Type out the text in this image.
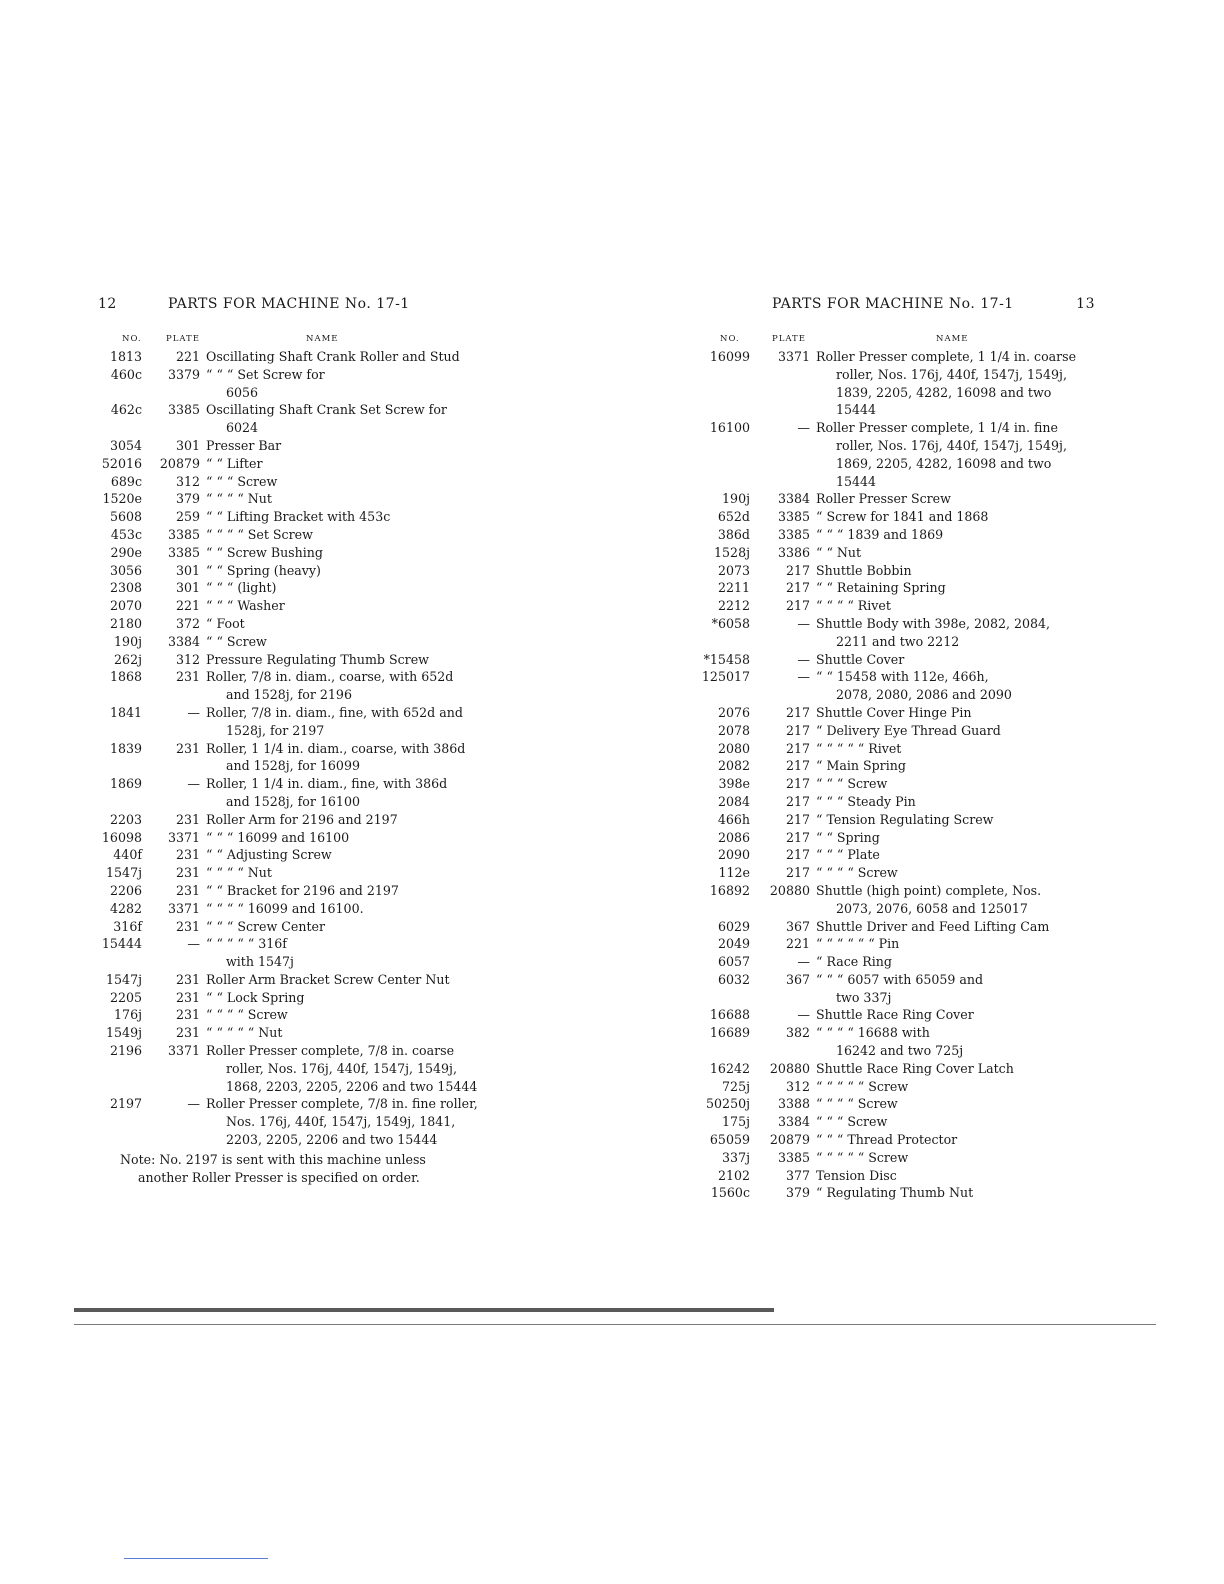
12	PARTS FOR MACHINE No. 17-1
NO.	PLATE	NAME
1813	221 Oscillating Shaft Crank Roller and Stud
460c	3379 “ “ “ Set Screw for
6056
462c	3385 Oscillating Shaft Crank Set Screw for
6024
3054	301 Presser Bar
52016	20879 “ “ Lifter
689c	312 “ “ “ Screw
1520e	379 “ “ “ “ Nut
5608	259 “ “ Lifting Bracket with 453c
453c	3385 “ “ “ “ Set Screw
290e	3385 “ “ Screw Bushing
3056	301 “ “ Spring (heavy)
2308	301 “ “ “ (light)
2070	221 “ “ “ Washer
2180	372 “ Foot
190j	3384 “ “ Screw
262j	312 Pressure Regulating Thumb Screw
1868	231 Roller, 7/8 in. diam., coarse, with 652d
and 1528j, for 2196
1841	— Roller, 7/8 in. diam., fine, with 652d and
1528j, for 2197
1839	231 Roller, 1 1/4 in. diam., coarse, with 386d
and 1528j, for 16099
1869	— Roller, 1 1/4 in. diam., fine, with 386d
and 1528j, for 16100
2203	231 Roller Arm for 2196 and 2197
16098	3371 “ “ “ 16099 and 16100
440f	231 “ “ Adjusting Screw
1547j	231 “ “ “ “ Nut
2206	231 “ “ Bracket for 2196 and 2197
4282	3371 “ “ “ “ 16099 and 16100.
316f	231 “ “ “ Screw Center
15444	— “ “ “ “ “ 316f
with 1547j
1547j	231 Roller Arm Bracket Screw Center Nut
2205	231 “ “ Lock Spring
176j	231 “ “ “ “ Screw
1549j	231 “ “ “ “ “ Nut
2196	3371 Roller Presser complete, 7/8 in. coarse
roller, Nos. 176j, 440f, 1547j, 1549j, 1868, 2203, 2205, 2206 and two 15444
2197	— Roller Presser complete, 7/8 in. fine roller,
Nos. 176j, 440f, 1547j, 1549j, 1841, 2203, 2205, 2206 and two 15444
Note: No. 2197 is sent with this machine unless
another Roller Presser is specified on order.
PARTS FOR MACHINE No. 17-1	13
NO.	PLATE	NAME
16099	3371 Roller Presser complete, 1 1/4 in. coarse
roller, Nos. 176j, 440f, 1547j, 1549j, 1839, 2205, 4282, 16098 and two 15444
16100	— Roller Presser complete, 1 1/4 in. fine
roller, Nos. 176j, 440f, 1547j, 1549j, 1869, 2205, 4282, 16098 and two 15444
190j	3384 Roller Presser Screw
652d	3385 “ Screw for 1841 and 1868
386d	3385 “ “ “ 1839 and 1869
1528j	3386 “ “ Nut
2073	217 Shuttle Bobbin
2211	217 “ “ Retaining Spring
2212	217 “ “ “ “ Rivet
*6058	— Shuttle Body with 398e, 2082, 2084,
2211 and two 2212
*15458	— Shuttle Cover
125017	— “ “ 15458 with 112e, 466h,
2078, 2080, 2086 and 2090
2076	217 Shuttle Cover Hinge Pin
2078	217 “ Delivery Eye Thread Guard
2080	217 “ “ “ “ “ Rivet
2082	217 “ Main Spring
398e	217 “ “ “ Screw
2084	217 “ “ “ Steady Pin
466h	217 “ Tension Regulating Screw
2086	217 “ “ Spring
2090	217 “ “ “ Plate
112e	217 “ “ “ “ Screw
16892	20880 Shuttle (high point) complete, Nos.
2073, 2076, 6058 and 125017
6029	367 Shuttle Driver and Feed Lifting Cam
2049	221 “ “ “ “ “ “ Pin
6057	— “ Race Ring
6032	367 “ “ “ 6057 with 65059 and
two 337j
16688	— Shuttle Race Ring Cover
16689	382 “ “ “ “ 16688 with
16242 and two 725j
16242	20880 Shuttle Race Ring Cover Latch
725j	312 “ “ “ “ “ Screw
50250j	3388 “ “ “ “ Screw
175j	3384 “ “ “ Screw
65059	20879 “ “ “ Thread Protector
337j	3385 “ “ “ “ “ Screw
2102	377 Tension Disc
1560c	379 “ Regulating Thumb Nut
